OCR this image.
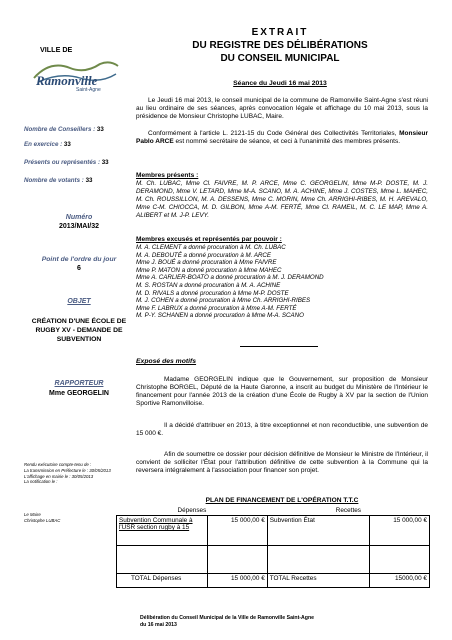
VILLE DE
Ramonville
Saint-Agne
Nombre de Conseillers : 33
En exercice : 33
Présents ou représentés : 33
Nombre de votants : 33
Numéro
2013/MAI/32
Point de l'ordre du jour
6
OBJET
CRÉATION D'UNE ÉCOLE DE RUGBY XV - DEMANDE DE SUBVENTION
RAPPORTEUR
Mme GEORGELIN
Rendu exécutoire compte-tenu de :
La transmission en Préfecture le : 30/05/2013
L'affichage en mairie le : 30/05/2013
La notification le :
Le Maire
Christophe LUBAC
EXTRAIT
DU REGISTRE DES DÉLIBÉRATIONS
DU CONSEIL MUNICIPAL
Séance du Jeudi 16 mai 2013
Le Jeudi 16 mai 2013, le conseil municipal de la commune de Ramonville Saint-Agne s'est réuni au lieu ordinaire de ses séances, après convocation légale et affichage du 10 mai 2013, sous la présidence de Monsieur Christophe LUBAC, Maire.
Conformément à l'article L. 2121-15 du Code Général des Collectivités Territoriales, Monsieur Pablo ARCE est nommé secrétaire de séance, et ceci à l'unanimité des membres présents.
Membres présents :
M. Ch. LUBAC, Mme Cl. FAIVRE, M. P. ARCE, Mme C. GEORGELIN, Mme M-P. DOSTE, M. J. DERAMOND, Mme V. LETARD, Mme M-A. SCANO, M. A. ACHINE, Mme J. COSTES, Mme L. MAHEC, M. Ch. ROUSSILLON, M. A. DESSENS, Mme C. MORIN, Mme Ch. ARRIGHI-RIBES, M. H. AREVALO, Mme C-M. CHIOCCA, M. D. GILBON, Mme A-M. FERTÉ, Mme Cl. RAMEIL, M. C. LE MAP, Mme A. ALIBERT et M. J-P. LEVY.
Membres excusés et représentés par pouvoir :
M. A. CLEMENT a donné procuration à M. Ch. LUBAC
M. A. DEBOUTÉ a donné procuration à M. ARCE
Mme J. BOUÉ a donné procuration à Mme FAIVRE
Mme P. MATON a donné procuration à Mme MAHEC
Mme A. CARLIER-BOATO a donné procuration à M. J. DERAMOND
M. S. ROSTAN a donné procuration à M. A. ACHINE
M. D. RIVALS a donné procuration à Mme M-P. DOSTE
M. J. COHEN a donné procuration à Mme Ch. ARRIGHI-RIBES
Mme F. LABRUX a donné procuration à Mme A-M. FERTÉ
M. P-Y. SCHANEN a donné procuration à Mme M-A. SCANO
Exposé des motifs
Madame GEORGELIN indique que le Gouvernement, sur proposition de Monsieur Christophe BORGEL, Député de la Haute Garonne, a inscrit au budget du Ministère de l'Intérieur le financement pour l'année 2013 de la création d'une École de Rugby à XV par la section de l'Union Sportive Ramonvilloise.
Il a décidé d'attribuer en 2013, à titre exceptionnel et non reconductible, une subvention de 15 000 €.
Afin de soumettre ce dossier pour décision définitive de Monsieur le Ministre de l'Intérieur, il convient de solliciter l'État pour l'attribution définitive de cette subvention à la Commune qui la reversera intégralement à l'association pour financer son projet.
PLAN DE FINANCEMENT DE L'OPÉRATION T.T.C
Dépenses		Recettes	
Subvention Communale à l'USR section rugby à 15	15 000,00 €	Subvention État	15 000,00 €

TOTAL Dépenses	15 000,00 €	TOTAL Recettes	15000,00 €
Délibération du Conseil Municipal de la Ville de Ramonville Saint-Agne
du 16 mai 2013
